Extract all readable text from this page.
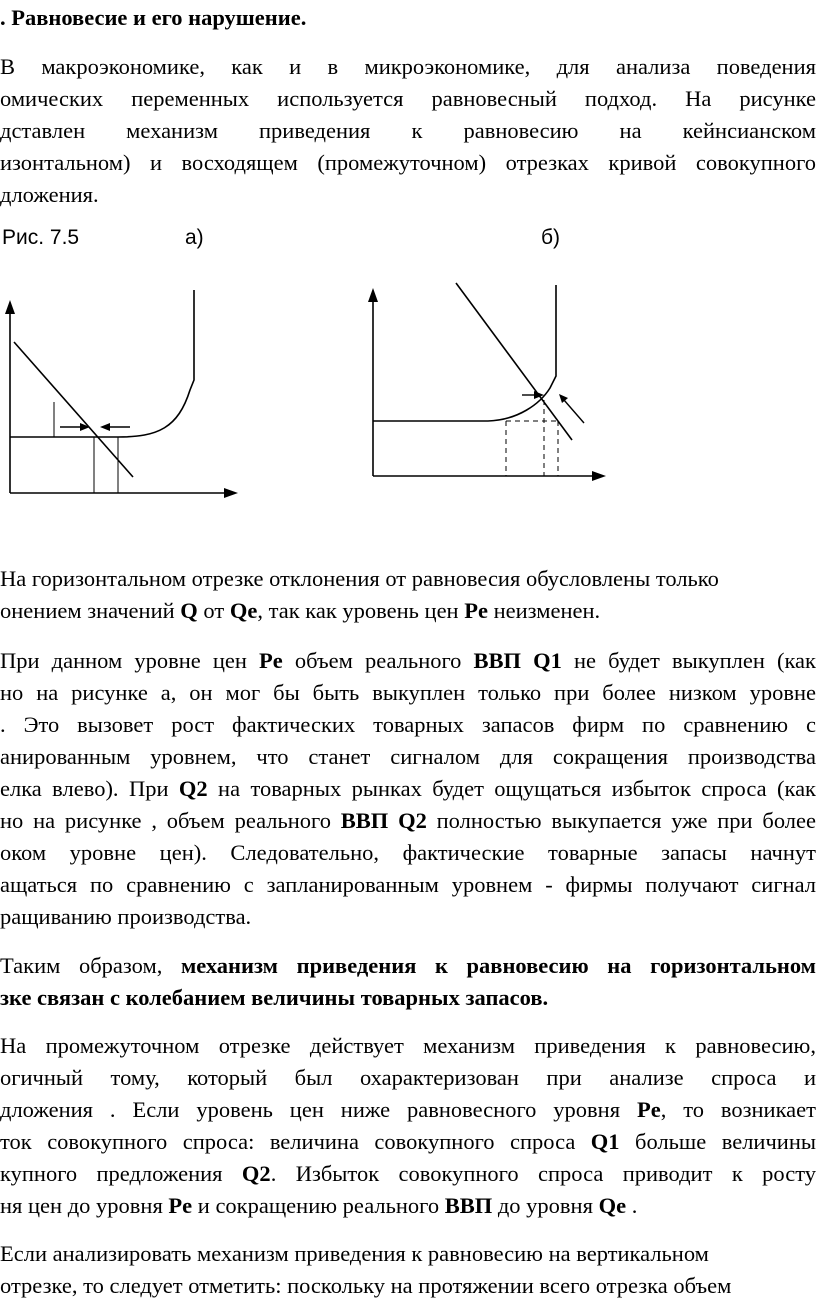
. Равновесие и его нарушение.
В макроэкономике, как и в микроэкономике, для анализа поведения
омических переменных используется равновесный подход. На рисунке
дставлен механизм приведения к равновесию на кейнсианском
изонтальном) и восходящем (промежуточном) отрезках кривой совокупного
дложения.
Рис. 7.5	а)	б)
На горизонтальном отрезке отклонения от равновесия обусловлены только
онением значений Q от Qe, так как уровень цен Pe неизменен.
При данном уровне цен Pe объем реального ВВП Q1 не будет выкуплен (как
но на рисунке а, он мог бы быть выкуплен только при более низком уровне
. Это вызовет рост фактических товарных запасов фирм по сравнению с
анированным уровнем, что станет сигналом для сокращения производства
елка влево). При Q2 на товарных рынках будет ощущаться избыток спроса (как
но на рисунке , объем реального ВВП Q2 полностью выкупается уже при более
оком уровне цен). Следовательно, фактические товарные запасы начнут
ащаться по сравнению с запланированным уровнем - фирмы получают сигнал
ращиванию производства.
Таким образом, механизм приведения к равновесию на горизонтальном
зке связан с колебанием величины товарных запасов.
На промежуточном отрезке действует механизм приведения к равновесию,
огичный тому, который был охарактеризован при анализе спроса и
дложения . Если уровень цен ниже равновесного уровня Pe, то возникает
ток совокупного спроса: величина совокупного спроса Q1 больше величины
купного предложения Q2. Избыток совокупного спроса приводит к росту
ня цен до уровня Pe и сокращению реального ВВП до уровня Qe .
Если анализировать механизм приведения к равновесию на вертикальном
отрезке, то следует отметить: поскольку на протяжении всего отрезка объем
